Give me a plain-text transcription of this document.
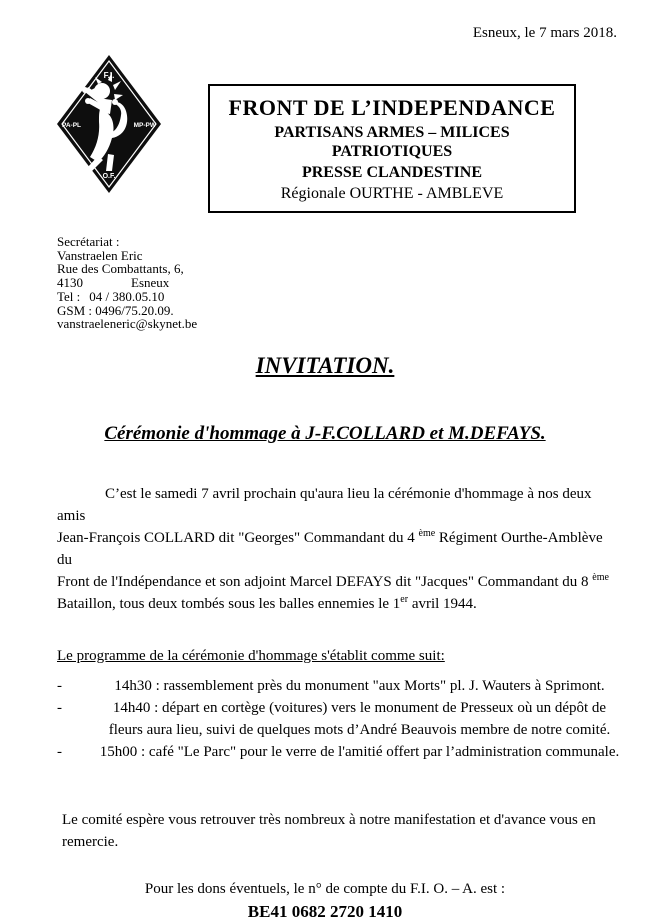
Esneux, le 7 mars 2018.
F.I.
PA-PL	MP-PW
O.F.
FRONT DE L’INDEPENDANCE
PARTISANS ARMES – MILICES PATRIOTIQUES
PRESSE CLANDESTINE
Régionale OURTHE - AMBLEVE
Secrétariat :
Vanstraelen Eric
Rue des Combattants, 6,
4130	Esneux
Tel : 04 / 380.05.10
GSM : 0496/75.20.09.
vanstraeleneric@skynet.be
INVITATION.
Cérémonie d'hommage à J-F.COLLARD et M.DEFAYS.
C’est le samedi 7 avril prochain qu'aura lieu la cérémonie d'hommage à nos deux amis
Jean-François COLLARD dit "Georges" Commandant du 4 $^{ème}$ Régiment Ourthe-Amblève
du
Front de l'Indépendance et son adjoint Marcel DEFAYS dit "Jacques" Commandant du 8 $^{ème}$
Bataillon, tous deux tombés sous les balles ennemies le 1er avril 1944.
Le programme de la cérémonie d'hommage s'établit comme suit:
-	14h30 : rassemblement près du monument "aux Morts" pl. J. Wauters à Sprimont.
-	14h40 : départ en cortège (voitures) vers le monument de Presseux où un dépôt de fleurs aura lieu, suivi de quelques mots d’André Beauvois membre de notre comité.
-	15h00 : café "Le Parc" pour le verre de l'amitié offert par l’administration communale.
Le comité espère vous retrouver très nombreux à notre manifestation et d'avance vous en
remercie.
Pour les dons éventuels, le n° de compte du F.I. O. – A. est :
BE41 0682 2720 1410
